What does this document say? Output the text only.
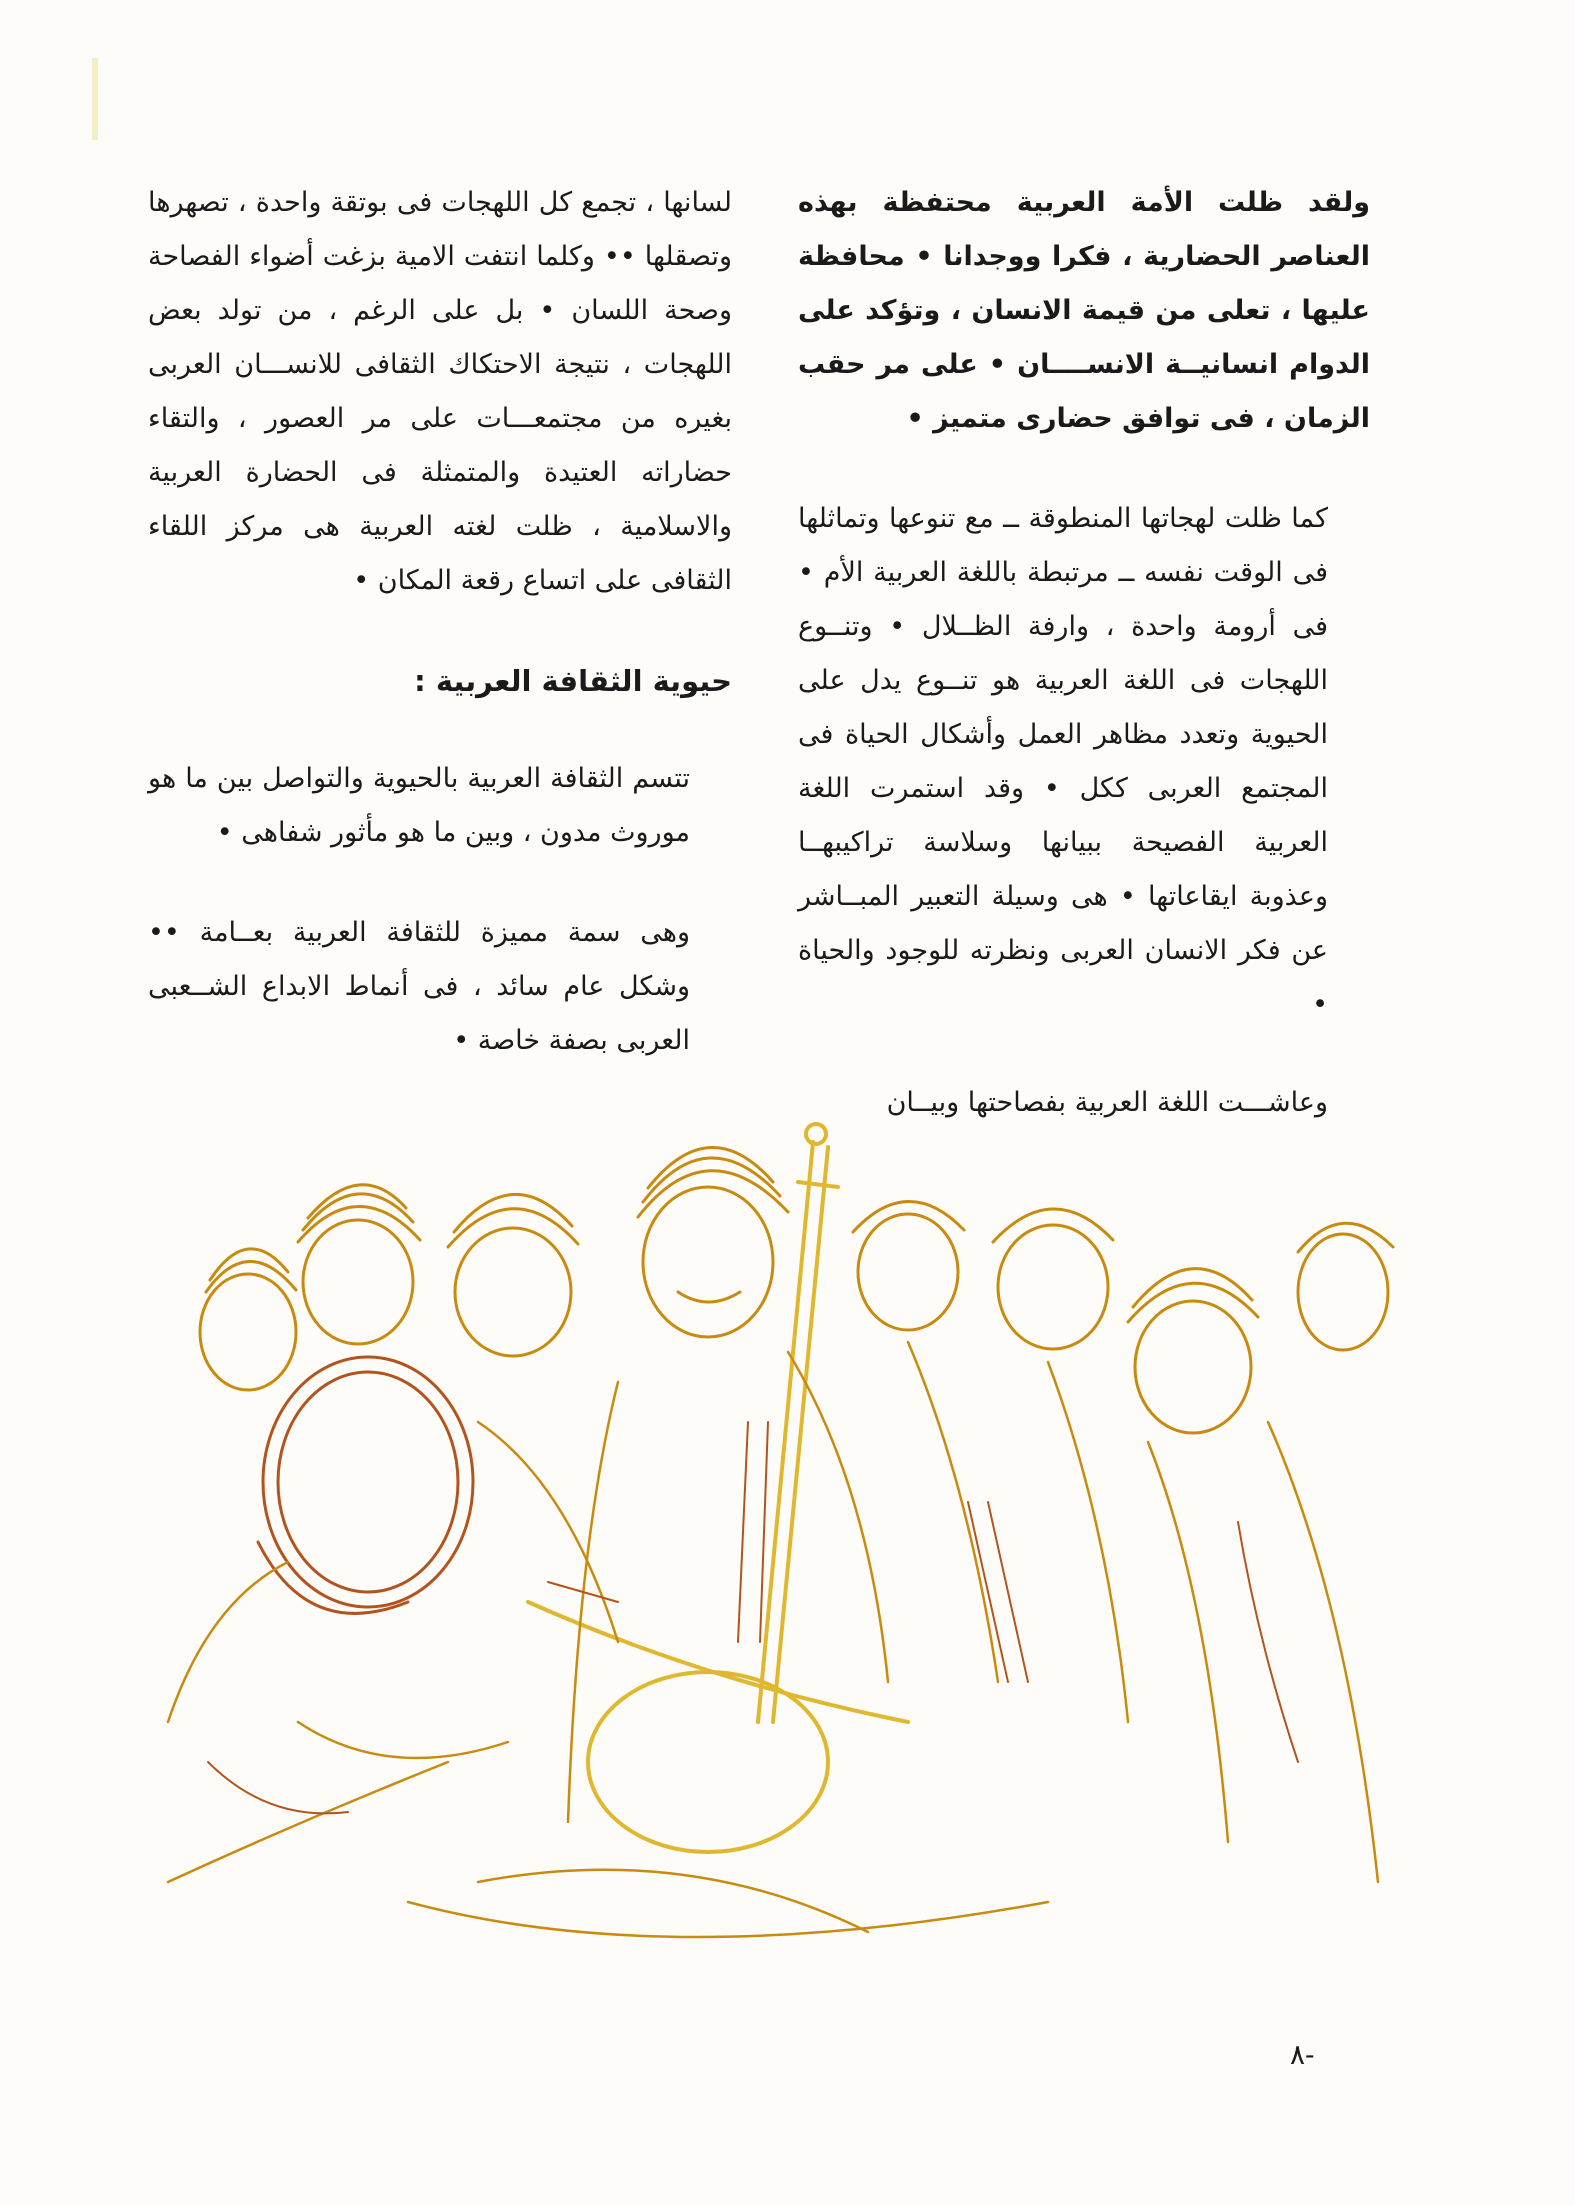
ولقد ظلت الأمة العربية محتفظة بهذه العناصر الحضارية ، فكرا ووجدانا • محافظة عليها ، تعلى من قيمة الانسان ، وتؤكد على الدوام انسانيــة الانســــان • على مر حقب الزمان ، فى توافق حضارى متميز •

كما ظلت لهجاتها المنطوقة ــ مع تنوعها وتماثلها فى الوقت نفسه ــ مرتبطة باللغة العربية الأم • فى أرومة واحدة ، وارفة الظــلال • وتنــوع اللهجات فى اللغة العربية هو تنــوع يدل على الحيوية وتعدد مظاهر العمل وأشكال الحياة فى المجتمع العربى ككل • وقد استمرت اللغة العربية الفصيحة ببيانها وسلاسة تراكيبهــا وعذوبة ايقاعاتها • هى وسيلة التعبير المبــاشر عن فكر الانسان العربى ونظرته للوجود والحياة •

وعاشـــت اللغة العربية بفصاحتها وبيــان

لسانها ، تجمع كل اللهجات فى بوتقة واحدة ، تصهرها وتصقلها •• وكلما انتفت الامية بزغت أضواء الفصاحة وصحة اللسان • بل على الرغم ، من تولد بعض اللهجات ، نتيجة الاحتكاك الثقافى للانســـان العربى بغيره من مجتمعـــات على مر العصور ، والتقاء حضاراته العتيدة والمتمثلة فى الحضارة العربية والاسلامية ، ظلت لغته العربية هى مركز اللقاء الثقافى على اتساع رقعة المكان •

حيوية الثقافة العربية :

تتسم الثقافة العربية بالحيوية والتواصل بين ما هو موروث مدون ، وبين ما هو مأثور شفاهى •

وهى سمة مميزة للثقافة العربية بعــامة •• وشكل عام سائد ، فى أنماط الابداع الشــعبى العربى بصفة خاصة •

٨-
